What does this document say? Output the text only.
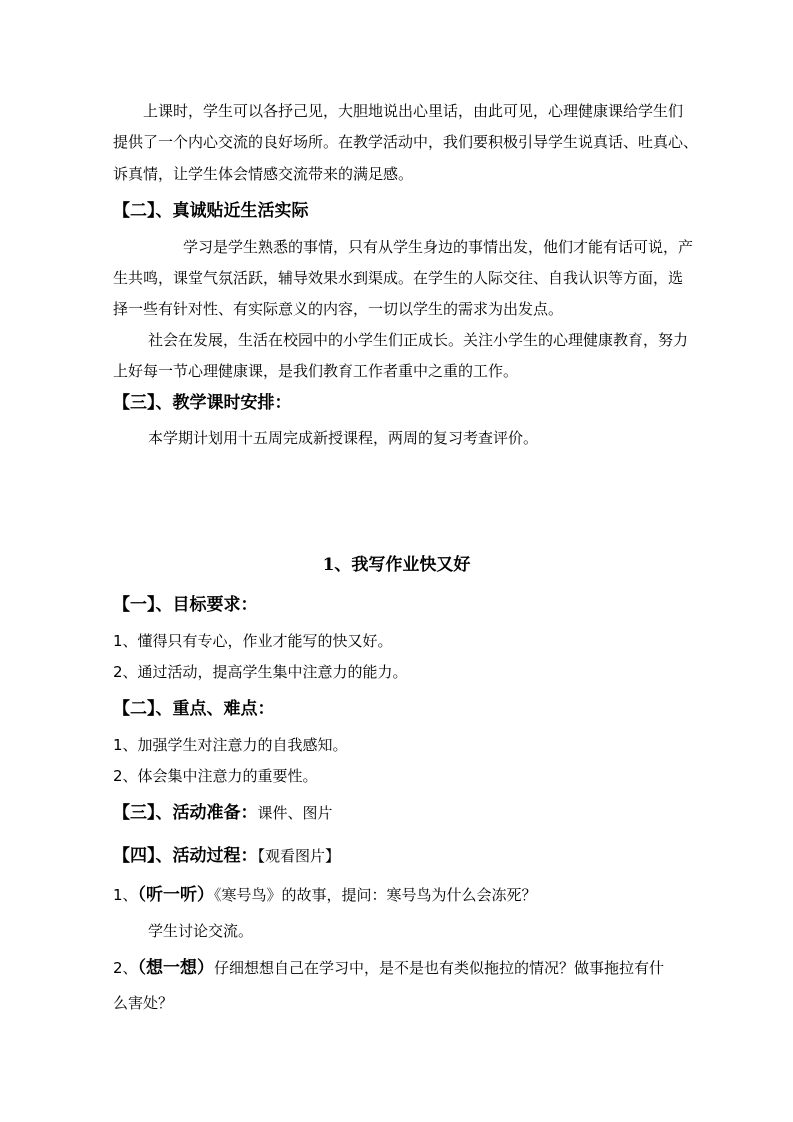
上课时，学生可以各抒己见，大胆地说出心里话，由此可见，心理健康课给学生们
提供了一个内心交流的良好场所。在教学活动中，我们要积极引导学生说真话、吐真心、
诉真情，让学生体会情感交流带来的满足感。
【二】、真诚贴近生活实际
学习是学生熟悉的事情，只有从学生身边的事情出发，他们才能有话可说，产
生共鸣，课堂气氛活跃，辅导效果水到渠成。在学生的人际交往、自我认识等方面，选
择一些有针对性、有实际意义的内容，一切以学生的需求为出发点。
社会在发展，生活在校园中的小学生们正成长。关注小学生的心理健康教育，努力
上好每一节心理健康课，是我们教育工作者重中之重的工作。
【三】、教学课时安排：
本学期计划用十五周完成新授课程，两周的复习考查评价。
1、我写作业快又好
【一】、目标要求：
1、懂得只有专心，作业才能写的快又好。
2、通过活动，提高学生集中注意力的能力。
【二】、重点、难点：
1、加强学生对注意力的自我感知。
2、体会集中注意力的重要性。
【三】、活动准备：课件、图片
【四】、活动过程：【观看图片】
1、（听一听）《寒号鸟》的故事，提问：寒号鸟为什么会冻死？
学生讨论交流。
2、（想一想）仔细想想自己在学习中，是不是也有类似拖拉的情况？做事拖拉有什
么害处？
